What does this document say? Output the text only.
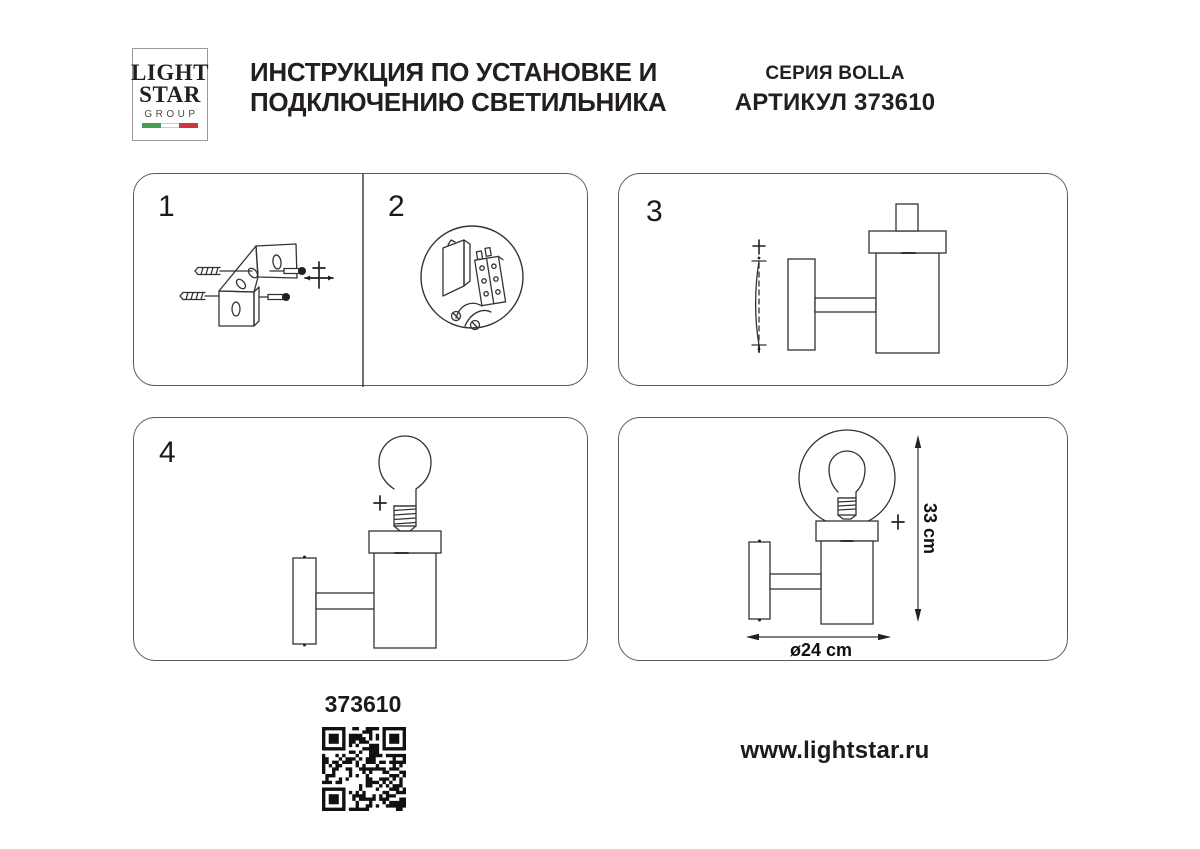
LIGHT
STAR
GROUP
ИНСТРУКЦИЯ ПО УСТАНОВКЕ И
ПОДКЛЮЧЕНИЮ СВЕТИЛЬНИКА
СЕРИЯ BOLLA
АРТИКУЛ 373610
1	2	3
4
33 cm
ø24 cm
373610
www.lightstar.ru
